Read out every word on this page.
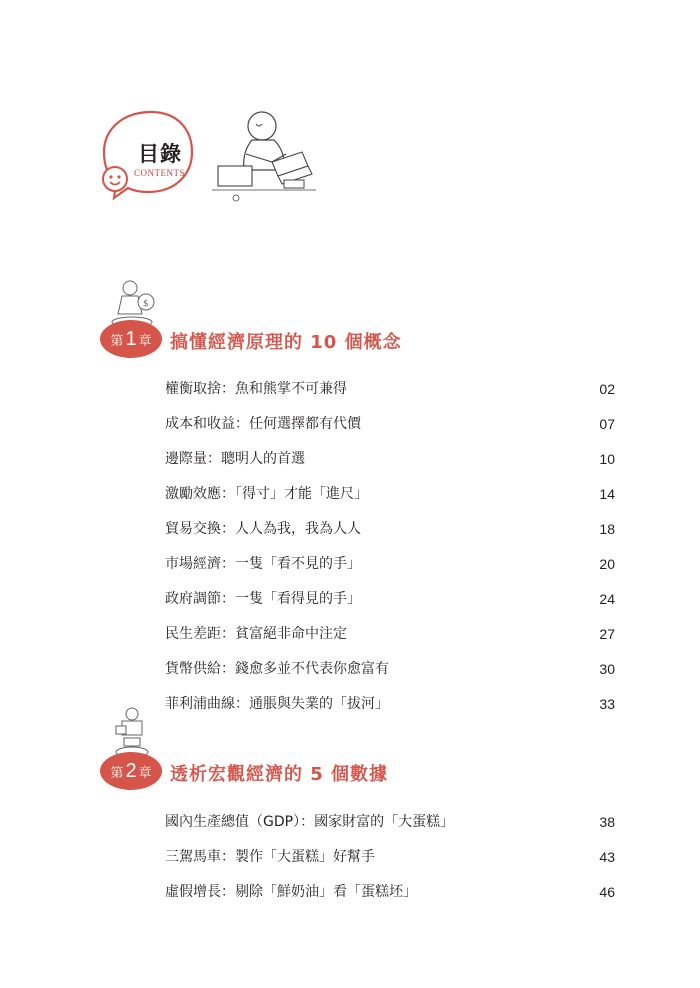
目錄
CONTENTS
$
第 1 章 搞懂經濟原理的 10 個概念
權衡取捨：魚和熊掌不可兼得	02
成本和收益：任何選擇都有代價	07
邊際量：聰明人的首選	10
激勵效應：「得寸」才能「進尺」	14
貿易交換：人人為我，我為人人	18
市場經濟：一隻「看不見的手」	20
政府調節：一隻「看得見的手」	24
民生差距：貧富絕非命中注定	27
貨幣供給：錢愈多並不代表你愈富有	30
菲利浦曲線：通脹與失業的「拔河」	33
第 2 章 透析宏觀經濟的 5 個數據
國內生產總值（GDP）：國家財富的「大蛋糕」	38
三駕馬車：製作「大蛋糕」好幫手	43
虛假增長：剔除「鮮奶油」看「蛋糕坯」	46
